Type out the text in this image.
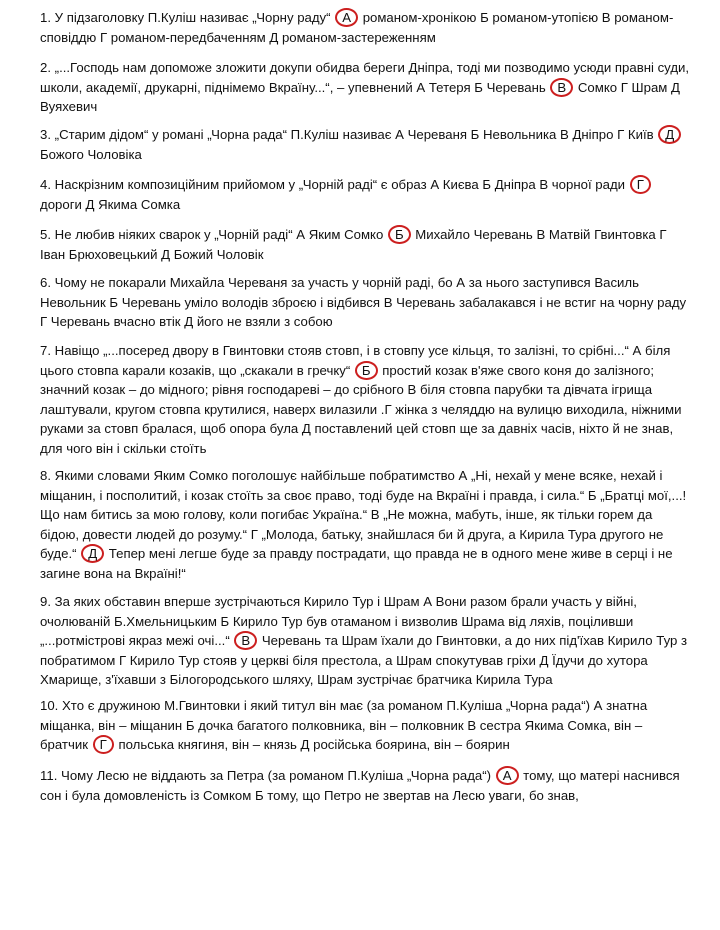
1. У підзаголовку П.Куліш називає „Чорну раду“ А романом-хронікою Б романом-утопією В романом-сповіддю Г романом-передбаченням Д романом-застереженням
2. „...Господь нам допоможе зложити докупи обидва береги Дніпра, тоді ми позводимо усюди правні суди, школи, академії, друкарні, піднімемо Вкраїну...“, – упевнений А Тетеря Б Черевань В Сомко Г Шрам Д Вуяхевич
3. „Старим дідом“ у романі „Чорна рада“ П.Куліш називає А Череваня Б Невольника В Дніпро Г Київ Д Божого Чоловіка
4. Наскрізним композиційним прийомом у „Чорній раді“ є образ А Києва Б Дніпра В чорної ради Г дороги Д Якима Сомка
5. Не любив ніяких сварок у „Чорній раді“ А Яким Сомко Б Михайло Черевань В Матвій Гвинтовка Г Іван Брюховецький Д Божий Чоловік
6. Чому не покарали Михайла Череваня за участь у чорній раді, бо А за нього заступився Василь Невольник Б Черевань уміло володів зброєю і відбився В Черевань забалакався і не встиг на чорну раду Г Черевань вчасно втік Д його не взяли з собою
7. Навіщо „...посеред двору в Гвинтовки стояв стовп, і в стовпу усе кільця, то залізні, то срібні...“ А біля цього стовпа карали козаків, що „скакали в гречку“ Б простий козак в'яже свого коня до залізного; значний козак – до мідного; рівня господареві – до срібного В біля стовпа парубки та дівчата ігрища лаштували, кругом стовпа крутилися, наверх вилазили .Г жінка з челяддю на вулицю виходила, ніжними руками за стовп бралася, щоб опора була Д поставлений цей стовп ще за давніх часів, ніхто й не знав, для чого він і скільки стоїть
8. Якими словами Яким Сомко поголошує найбільше побратимство А „Ні, нехай у мене всяке, нехай і міщанин, і посполитий, і козак стоїть за своє право, тоді буде на Вкраїні і правда, і сила.“ Б „Братці мої,...! Що нам битись за мою голову, коли погибає Україна.“ В „Не можна, мабуть, інше, як тільки горем да бідою, довести людей до розуму.“ Г „Молода, батьку, знайшлася би й друга, а Кирила Тура другого не буде.“ Д Тепер мені легше буде за правду пострадати, що правда не в одного мене живе в серці і не загине вона на Вкраїні!“
9. За яких обставин вперше зустрічаються Кирило Тур і Шрам А Вони разом брали участь у війні, очолюваній Б.Хмельницьким Б Кирило Тур був отаманом і визволив Шрама від ляхів, поціливши „...ротмістрові якраз межі очі...“ В Черевань та Шрам їхали до Гвинтовки, а до них під'їхав Кирило Тур з побратимом Г Кирило Тур стояв у церкві біля престола, а Шрам спокутував гріхи Д Їдучи до хутора Хмарище, з'їхавши з Білогородського шляху, Шрам зустрічає братчика Кирила Тура
10. Хто є дружиною М.Гвинтовки і який титул він має (за романом П.Куліша „Чорна рада“) А знатна міщанка, він – міщанин Б дочка багатого полковника, він – полковник В сестра Якима Сомка, він – братчик Г польська княгиня, він – князь Д російська боярина, він – боярин
11. Чому Лесю не віддають за Петра (за романом П.Куліша „Чорна рада“) А тому, що матері наснився сон і була домовленість із Сомком Б тому, що Петро не звертав на Лесю уваги, бо знав,
